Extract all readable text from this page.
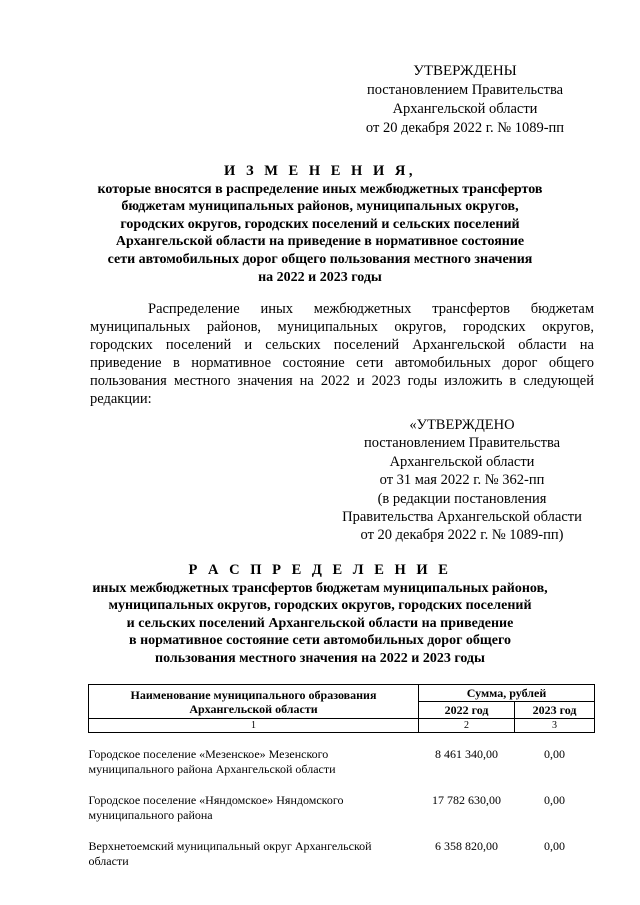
УТВЕРЖДЕНЫ
постановлением Правительства
Архангельской области
от 20 декабря 2022 г. № 1089-пп
И З М Е Н Е Н И Я,
которые вносятся в распределение иных межбюджетных трансфертов
бюджетам муниципальных районов, муниципальных округов,
городских округов, городских поселений и сельских поселений
Архангельской области на приведение в нормативное состояние
сети автомобильных дорог общего пользования местного значения
на 2022 и 2023 годы
Распределение иных межбюджетных трансфертов бюджетам муниципальных районов, муниципальных округов, городских округов, городских поселений и сельских поселений Архангельской области на приведение в нормативное состояние сети автомобильных дорог общего пользования местного значения на 2022 и 2023 годы изложить в следующей редакции:
«УТВЕРЖДЕНО
постановлением Правительства
Архангельской области
от 31 мая 2022 г. № 362-пп
(в редакции постановления
Правительства Архангельской области
от 20 декабря 2022 г. № 1089-пп)
Р А С П Р Е Д Е Л Е Н И Е
иных межбюджетных трансфертов бюджетам муниципальных районов,
муниципальных округов, городских округов, городских поселений
и сельских поселений Архангельской области на приведение
в нормативное состояние сети автомобильных дорог общего
пользования местного значения на 2022 и 2023 годы
Наименование муниципального образования Архангельской области	Сумма, рублей	
	2022 год	2023 год
1	2	3

Городское поселение «Мезенское» Мезенского муниципального района Архангельской области	8 461 340,00	0,00

Городское поселение «Няндомское» Няндомского муниципального района	17 782 630,00	0,00

Верхнетоемский муниципальный округ Архангельской области	6 358 820,00	0,00
